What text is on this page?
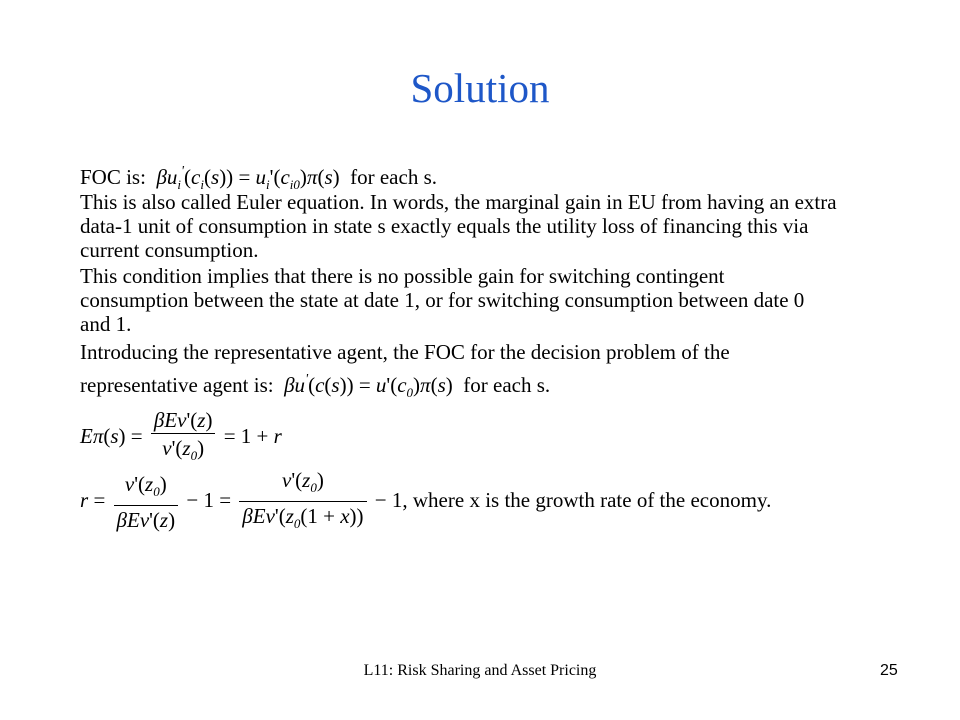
Solution
FOC is:  $\beta u_i'(c_i(s)) = u_i'(c_{i0})\pi(s)$ for each s.
This is also called Euler equation. In words, the marginal gain in EU from having an extra
data-1 unit of consumption in state s exactly equals the utility loss of financing this via
current consumption.
This condition implies that there is no possible gain for switching contingent
consumption between the state at date 1, or for switching consumption between date 0
and 1.
Introducing the representative agent, the FOC for the decision problem of the
representative agent is:  $\beta u'(c(s)) = u'(c_0)\pi(s)$ for each s.
$E\pi(s) = \frac{\text{βEv'(z)}}{v'(z_0)} = 1 + r$
$r = \frac{v'(z_0)}{\text{βEv'(z)}} - 1 = \frac{v'(z_0)}{\beta Ev'(z_0(1 + x))} - 1$, where x is the growth rate of the economy.
L11: Risk Sharing and Asset Pricing	25
